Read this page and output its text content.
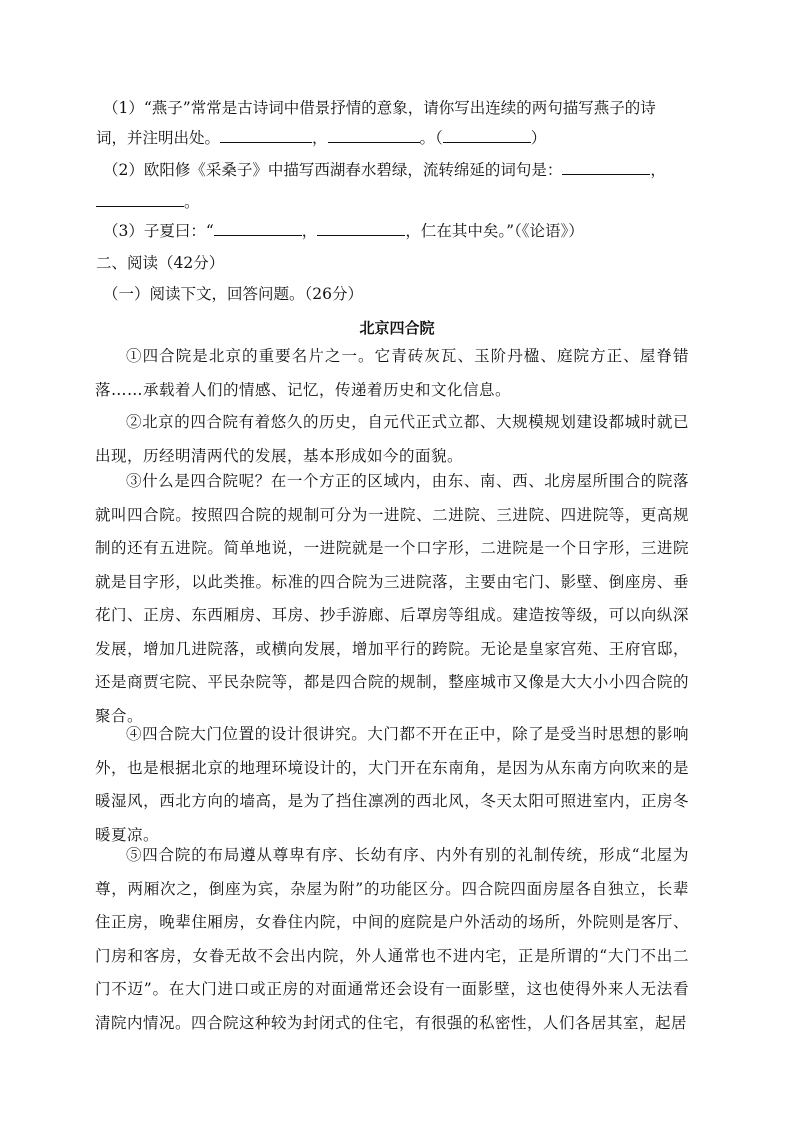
（1）“燕子”常常是古诗词中借景抒情的意象，请你写出连续的两句描写燕子的诗
词，并注明出处。	，	。（	）
（2）欧阳修《采桑子》中描写西湖春水碧绿，流转绵延的词句是：	，
。
（3）子夏曰：“	，	，仁在其中矣。”（《论语》）
二、阅读（42分）
（一）阅读下文，回答问题。（26分）
北京四合院
①四合院是北京的重要名片之一。它青砖灰瓦、玉阶丹楹、庭院方正、屋脊错落……承载着人们的情感、记忆，传递着历史和文化信息。
②北京的四合院有着悠久的历史，自元代正式立都、大规模规划建设都城时就已出现，历经明清两代的发展，基本形成如今的面貌。
③什么是四合院呢？在一个方正的区域内，由东、南、西、北房屋所围合的院落就叫四合院。按照四合院的规制可分为一进院、二进院、三进院、四进院等，更高规制的还有五进院。简单地说，一进院就是一个口字形，二进院是一个日字形，三进院就是目字形，以此类推。标准的四合院为三进院落，主要由宅门、影壁、倒座房、垂花门、正房、东西厢房、耳房、抄手游廊、后罩房等组成。建造按等级，可以向纵深发展，增加几进院落，或横向发展，增加平行的跨院。无论是皇家宫苑、王府官邸，还是商贾宅院、平民杂院等，都是四合院的规制，整座城市又像是大大小小四合院的聚合。
④四合院大门位置的设计很讲究。大门都不开在正中，除了是受当时思想的影响外，也是根据北京的地理环境设计的，大门开在东南角，是因为从东南方向吹来的是暖湿风，西北方向的墙高，是为了挡住凛冽的西北风，冬天太阳可照进室内，正房冬暖夏凉。
⑤四合院的布局遵从尊卑有序、长幼有序、内外有别的礼制传统，形成“北屋为尊，两厢次之，倒座为宾，杂屋为附”的功能区分。四合院四面房屋各自独立，长辈住正房，晚辈住厢房，女眷住内院，中间的庭院是户外活动的场所，外院则是客厅、门房和客房，女眷无故不会出内院，外人通常也不进内宅，正是所谓的“大门不出二门不迈”。在大门进口或正房的对面通常还会设有一面影壁，这也使得外来人无法看清院内情况。四合院这种较为封闭式的住宅，有很强的私密性，人们各居其室，起居
